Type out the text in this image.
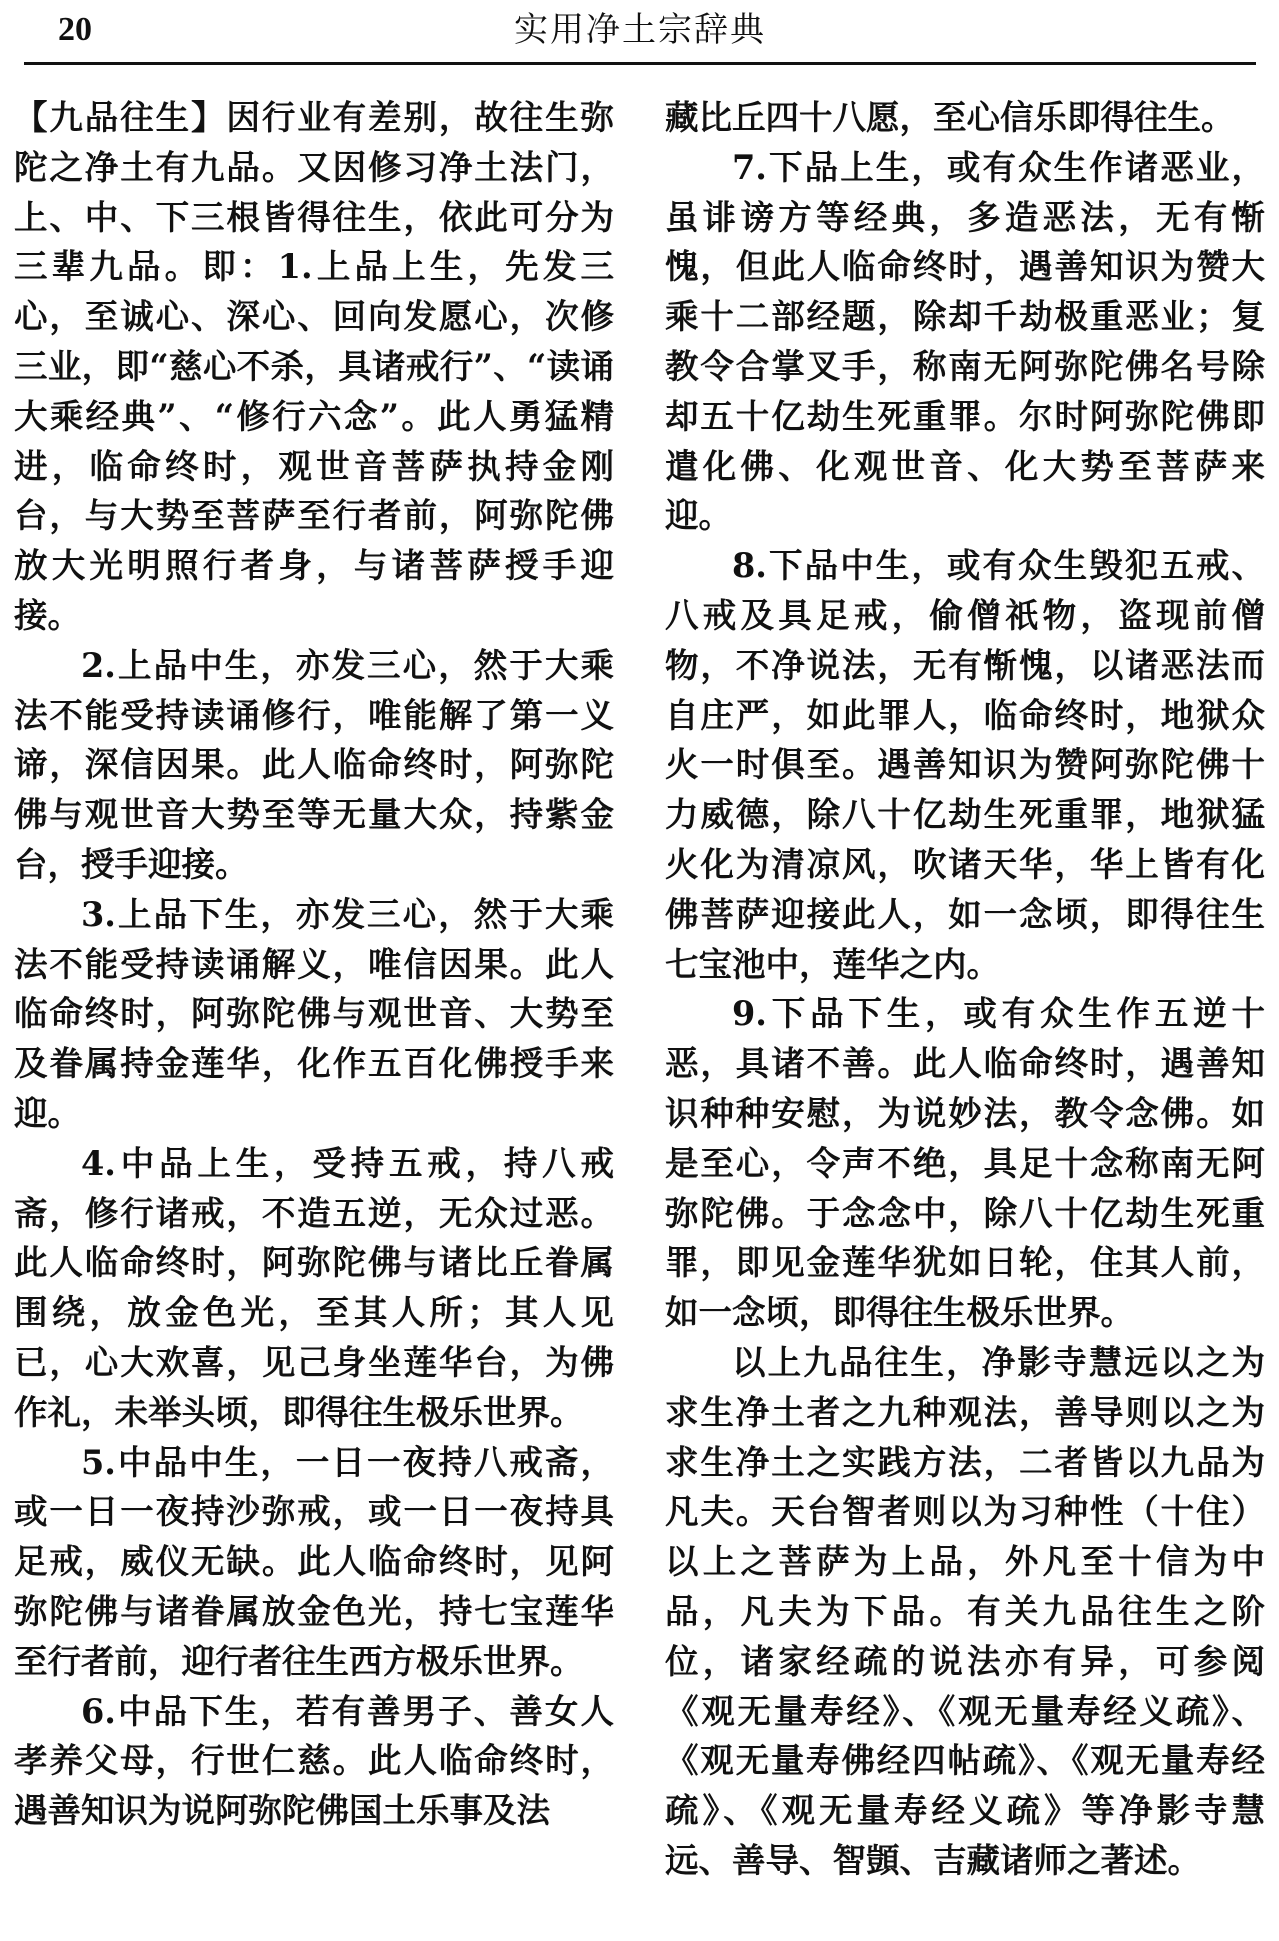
20	实用净土宗辞典

【九品往生】因行业有差别，故往生弥陀之净土有九品。又因修习净土法门，上、中、下三根皆得往生，依此可分为三辈九品。即：1.上品上生，先发三心，至诚心、深心、回向发愿心，次修三业，即“慈心不杀，具诸戒行”、“读诵大乘经典”、“修行六念”。此人勇猛精进，临命终时，观世音菩萨执持金刚台，与大势至菩萨至行者前，阿弥陀佛放大光明照行者身，与诸菩萨授手迎接。

2.上品中生，亦发三心，然于大乘法不能受持读诵修行，唯能解了第一义谛，深信因果。此人临命终时，阿弥陀佛与观世音大势至等无量大众，持紫金台，授手迎接。

3.上品下生，亦发三心，然于大乘法不能受持读诵解义，唯信因果。此人临命终时，阿弥陀佛与观世音、大势至及眷属持金莲华，化作五百化佛授手来迎。

4.中品上生，受持五戒，持八戒斋，修行诸戒，不造五逆，无众过恶。此人临命终时，阿弥陀佛与诸比丘眷属围绕，放金色光，至其人所；其人见已，心大欢喜，见己身坐莲华台，为佛作礼，未举头顷，即得往生极乐世界。

5.中品中生，一日一夜持八戒斋，或一日一夜持沙弥戒，或一日一夜持具足戒，威仪无缺。此人临命终时，见阿弥陀佛与诸眷属放金色光，持七宝莲华至行者前，迎行者往生西方极乐世界。

6.中品下生，若有善男子、善女人孝养父母，行世仁慈。此人临命终时，遇善知识为说阿弥陀佛国土乐事及法

藏比丘四十八愿，至心信乐即得往生。

7.下品上生，或有众生作诸恶业，虽诽谤方等经典，多造恶法，无有惭愧，但此人临命终时，遇善知识为赞大乘十二部经题，除却千劫极重恶业；复教令合掌叉手，称南无阿弥陀佛名号除却五十亿劫生死重罪。尔时阿弥陀佛即遣化佛、化观世音、化大势至菩萨来迎。

8.下品中生，或有众生毁犯五戒、八戒及具足戒，偷僧祇物，盗现前僧物，不净说法，无有惭愧，以诸恶法而自庄严，如此罪人，临命终时，地狱众火一时俱至。遇善知识为赞阿弥陀佛十力威德，除八十亿劫生死重罪，地狱猛火化为清凉风，吹诸天华，华上皆有化佛菩萨迎接此人，如一念顷，即得往生七宝池中，莲华之内。

9.下品下生，或有众生作五逆十恶，具诸不善。此人临命终时，遇善知识种种安慰，为说妙法，教令念佛。如是至心，令声不绝，具足十念称南无阿弥陀佛。于念念中，除八十亿劫生死重罪，即见金莲华犹如日轮，住其人前，如一念顷，即得往生极乐世界。

以上九品往生，净影寺慧远以之为求生净土者之九种观法，善导则以之为求生净土之实践方法，二者皆以九品为凡夫。天台智者则以为习种性（十住）以上之菩萨为上品，外凡至十信为中品，凡夫为下品。有关九品往生之阶位，诸家经疏的说法亦有异，可参阅《观无量寿经》、《观无量寿经义疏》、《观无量寿佛经四帖疏》、《观无量寿经疏》、《观无量寿经义疏》等净影寺慧远、善导、智顗、吉藏诸师之著述。
